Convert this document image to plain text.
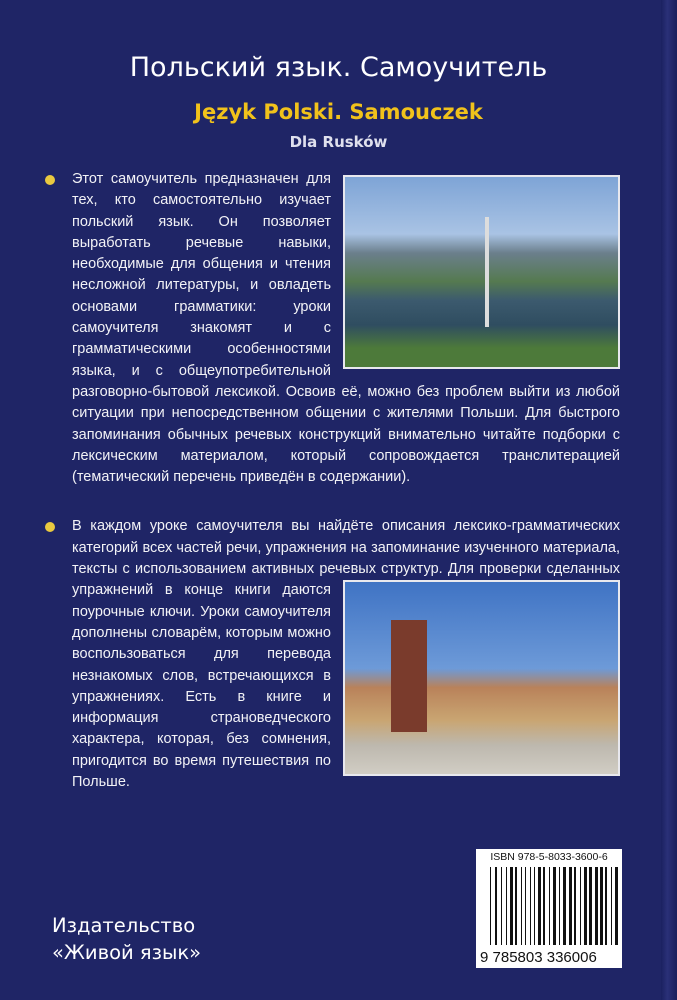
Польский язык. Самоучитель
Język Polski. Samouczek
Dla Rusków
Этот самоучитель предназначен для тех, кто самостоятельно изучает польский язык. Он позволяет выработать речевые навыки, необходимые для общения и чтения несложной литературы, и овладеть основами грамматики: уроки самоучителя знакомят и с грамматическими особенностями языка, и с общеупотребительной разговорно-бытовой лексикой. Освоив её, можно без проблем выйти из любой ситуации при непосредственном общении с жителями Польши. Для быстрого запоминания обычных речевых конструкций внимательно читайте подборки с лексическим материалом, который сопровождается транслитерацией (тематический перечень приведён в содержании).
В каждом уроке самоучителя вы найдёте описания лексико-грамматических категорий всех частей речи, упражнения на запоминание изученного материала, тексты с использованием активных речевых структур. Для проверки сделанных упражнений в конце книги даются поурочные ключи. Уроки самоучителя дополнены словарём, которым можно воспользоваться для перевода незнакомых слов, встречающихся в упражнениях. Есть в книге и информация страноведческого характера, которая, без сомнения, пригодится во время путешествия по Польше.
Издательство
«Живой язык»
ISBN 978-5-8033-3600-6
9 785803 336006
